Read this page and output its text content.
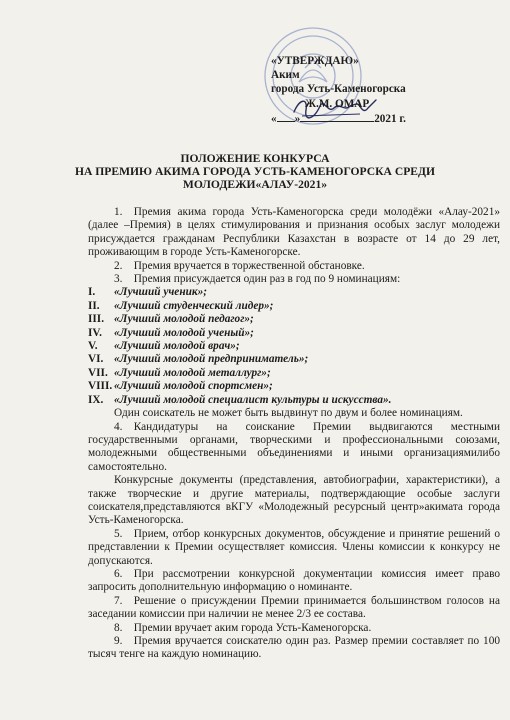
«УТВЕРЖДАЮ»
Аким
города Усть-Каменогорска
Ж.М. ОМАР
« »	2021 г.
ПОЛОЖЕНИЕ КОНКУРСА
НА ПРЕМИЮ АКИМА ГОРОДА УСТЬ-КАМЕНОГОРСКА СРЕДИ
МОЛОДЕЖИ«АЛАУ-2021»

1. Премия акима города Усть-Каменогорска среди молодёжи «Алау-2021» (далее –Премия) в целях стимулирования и признания особых заслуг молодежи присуждается гражданам Республики Казахстан в возрасте от 14 до 29 лет, проживающим в городе Усть-Каменогорске.

2. Премия вручается в торжественной обстановке.

3. Премия присуждается один раз в год по 9 номинациям:

I.	«Лучший ученик»;
II.	«Лучший студенческий лидер»;
III. «Лучший молодой педагог»;
IV.	«Лучший молодой ученый»;
V.	«Лучший молодой врач»;
VI. «Лучший молодой предприниматель»;
VII. «Лучший молодой металлург»;
VIII. «Лучший молодой спортсмен»;
IX. «Лучший молодой специалист культуры и искусства».

Один соискатель не может быть выдвинут по двум и более номинациям.

4. Кандидатуры на соискание Премии выдвигаются местными государственными органами, творческими и профессиональными союзами, молодежными общественными объединениями и иными организациямилибо самостоятельно.

Конкурсные документы (представления, автобиографии, характеристики), а также творческие и другие материалы, подтверждающие особые заслуги соискателя,представляются вКГУ «Молодежный ресурсный центр»акимата города Усть-Каменогорска.

5. Прием, отбор конкурсных документов, обсуждение и принятие решений о представлении к Премии осуществляет комиссия. Члены комиссии к конкурсу не допускаются.

6. При рассмотрении конкурсной документации комиссия имеет право запросить дополнительную информацию о номинанте.

7. Решение о присуждении Премии принимается большинством голосов на заседании комиссии при наличии не менее 2/3 ее состава.

8. Премии вручает аким города Усть-Каменогорска.

9. Премия вручается соискателю один раз. Размер премии составляет по 100 тысяч тенге на каждую номинацию.
